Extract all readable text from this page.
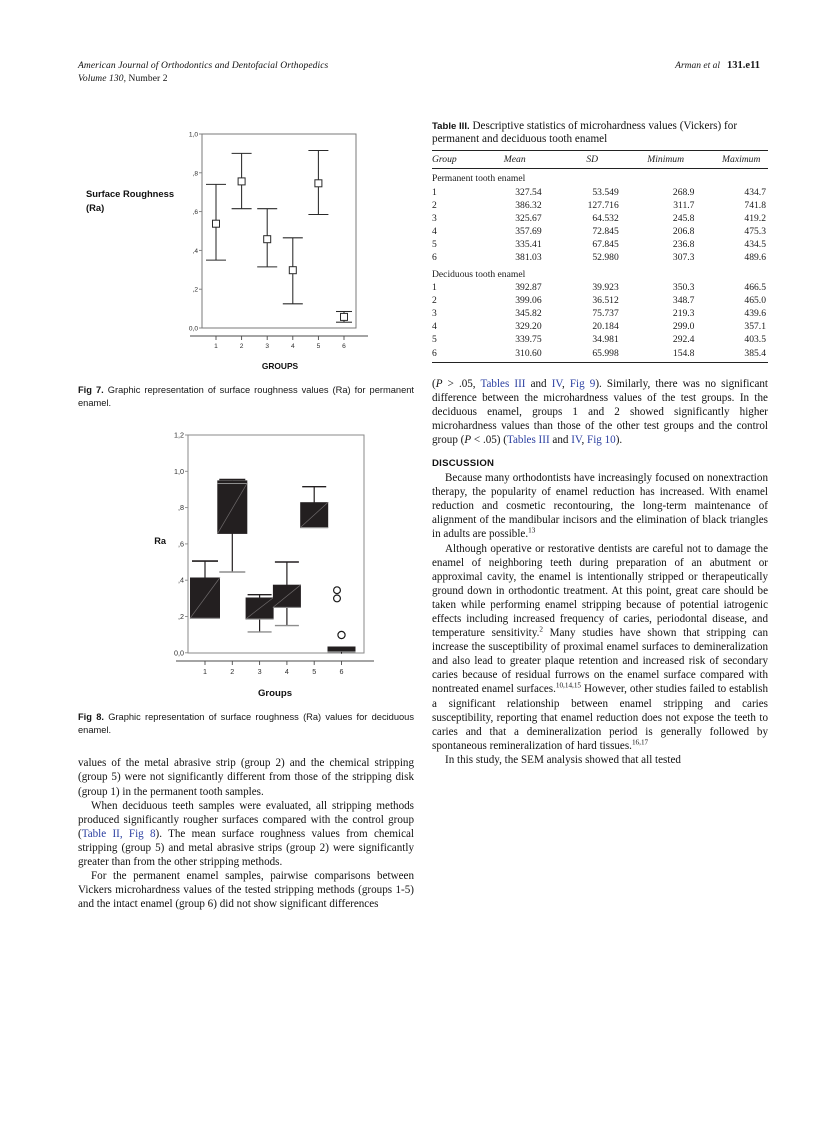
American Journal of Orthodontics and Dentofacial Orthopedics
Volume 130, Number 2
Arman et al 131.e11
Surface Roughness
(Ra)
1,0
,8
,6
,4
,2
0,0
1	2	3	4	5	6
GROUPS
Fig 7. Graphic representation of surface roughness values (Ra) for permanent enamel.
Ra
1,2
1,0
,8
,6
,4
,2
0,0
1	2	3	4	5	6
Groups
Fig 8. Graphic representation of surface roughness (Ra) values for deciduous enamel.

values of the metal abrasive strip (group 2) and the chemical stripping (group 5) were not significantly different from those of the stripping disk (group 1) in the permanent tooth samples.

When deciduous teeth samples were evaluated, all stripping methods produced significantly rougher surfaces compared with the control group (Table II, Fig 8). The mean surface roughness values from chemical stripping (group 5) and metal abrasive strips (group 2) were significantly greater than from the other stripping methods.

For the permanent enamel samples, pairwise comparisons between Vickers microhardness values of the tested stripping methods (groups 1-5) and the intact enamel (group 6) did not show significant differences

Table III. Descriptive statistics of microhardness values (Vickers) for permanent and deciduous tooth enamel
Group	Mean	SD	Minimum	Maximum
Permanent tooth enamel				
1	327.54	53.549	268.9	434.7
2	386.32	127.716	311.7	741.8
3	325.67	64.532	245.8	419.2
4	357.69	72.845	206.8	475.3
5	335.41	67.845	236.8	434.5
6	381.03	52.980	307.3	489.6
Deciduous tooth enamel				
1	392.87	39.923	350.3	466.5
2	399.06	36.512	348.7	465.0
3	345.82	75.737	219.3	439.6
4	329.20	20.184	299.0	357.1
5	339.75	34.981	292.4	403.5
6	310.60	65.998	154.8	385.4

(P > .05, Tables III and IV, Fig 9). Similarly, there was no significant difference between the microhardness values of the test groups. In the deciduous enamel, groups 1 and 2 showed significantly higher microhardness values than those of the other test groups and the control group (P < .05) (Tables III and IV, Fig 10).

DISCUSSION

Because many orthodontists have increasingly focused on nonextraction therapy, the popularity of enamel reduction has increased. With enamel reduction and cosmetic recontouring, the long-term maintenance of alignment of the mandibular incisors and the elimination of black triangles in adults are possible.$^{13}$

Although operative or restorative dentists are careful not to damage the enamel of neighboring teeth during preparation of an abutment or approximal cavity, the enamel is intentionally stripped or therapeutically ground down in orthodontic treatment. At this point, great care should be taken while performing enamel stripping because of potential iatrogenic effects including increased frequency of caries, periodontal disease, and temperature sensitivity.$^2$ Many studies have shown that stripping can increase the susceptibility of proximal enamel surfaces to demineralization and also lead to greater plaque retention and increased risk of secondary caries because of residual furrows on the enamel surface compared with nontreated enamel surfaces.$^{10,14,15}$ However, other studies failed to establish a significant relationship between enamel stripping and caries susceptibility, reporting that enamel reduction does not expose the teeth to caries and that a demineralization period is generally followed by spontaneous remineralization of hard tissues.$^{16,17}$

In this study, the SEM analysis showed that all tested
